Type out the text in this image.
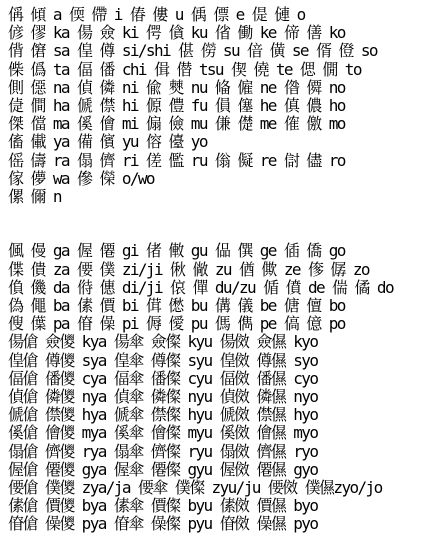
偁 傾 a 偄 僀 i 偆 僂 u 偊 僄 e 偍 僆 o
偐 僇 ka 偒 僉 ki 偔 僋 ku 偗 働 ke 偙 僐 ko
偝 僒 sa 偟 僔 si/shi 偡 僗 su 偣 僙 se 偦 僜 so
偨 僞 ta 偪 僠 chi 偮 僣 tsu 偰 僥 te 偲 僩 to
側 僫 na 偵 僯 ni 偸 僰 nu 偹 僱 ne 偺 僲 no
偼 僴 ha 傂 僸 hi 傆 僼 fu 傊 僿 he 傎 儂 ho
傑 儅 ma 傒 儈 mi 傓 儉 mu 傔 儊 me 傕 儌 mo
傗 儎 ya 備 儐 yu 傛 儓 yo
傜 儔 ra 傝 儕 ri 傞 儖 ru 傟 儗 re 傠 儘 ro
傢 儚 wa 傪 儝 o/wo
傫 儞 n
偑 僈 ga 偓 僊 gi 偖 僌 gu 偘 僎 ge 偛 僑 go
偞 僓 za 偠 僕 zi/ji 偢 僘 zu 偤 僛 ze 偧 僝 zo
偩 僟 da 偫 僡 di/ji 偯 僤 du/zu 偱 僨 de 偳 僪 do
偽 僶 ba 傃 價 bi 傇 僽 bu 傋 儀 be 傏 儃 bo
傁 僷 pa 傄 僺 pi 傉 僾 pu 傌 儁 pe 傐 億 po
偒傖 僉儍 kya 偒傘 僉儏 kyu 偒傚 僉儑 kyo
偟傖 僔儍 sya 偟傘 僔儏 syu 偟傚 僔儑 syo
偪傖 僠儍 cya 偪傘 僠儏 cyu 偪傚 僠儑 cyo
偵傖 僯儍 nya 偵傘 僯儏 nyu 偵傚 僯儑 nyo
傂傖 僸儍 hya 傂傘 僸儏 hyu 傂傚 僸儑 hyo
傒傖 儈儍 mya 傒傘 儈儏 myu 傒傚 儈儑 myo
傝傖 儕儍 rya 傝傘 儕儏 ryu 傝傚 儕儑 ryo
偓傖 僊儍 gya 偓傘 僊儏 gyu 偓傚 僊儑 gyo
偠傖 僕儍 zya/ja 偠傘 僕儏 zyu/ju 偠傚 僕儑zyo/jo
傃傖 價儍 bya 傃傘 價儏 byu 傃傚 價儑 byo
傄傖 僺儍 pya 傄傘 僺儏 pyu 傄傚 僺儑 pyo
